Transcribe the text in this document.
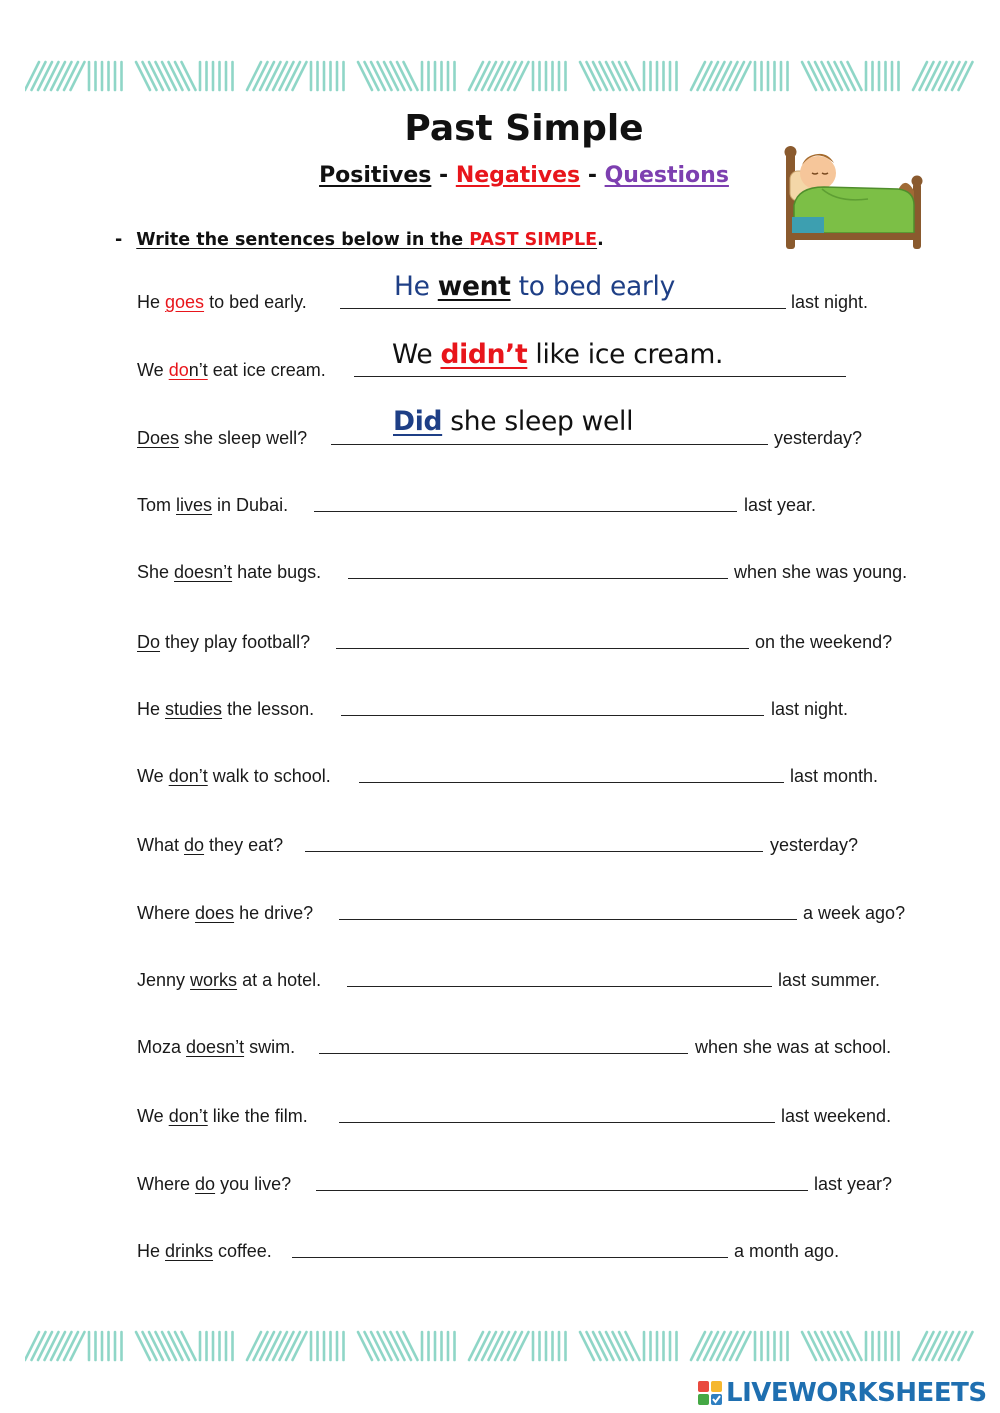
Past Simple
Positives - Negatives - Questions
- Write the sentences below in the PAST SIMPLE.
He goes to bed early.	last night.
He went to bed early
We don’t eat ice cream. We didn’t like ice cream.
Does she sleep well?	yesterday?
Did she sleep well
Tom lives in Dubai.	last year.
She doesn’t hate bugs.	when she was young.
Do they play football?	on the weekend?
He studies the lesson.	last night.
We don’t walk to school.	last month.
What do they eat?	yesterday?
Where does he drive?	a week ago?
Jenny works at a hotel.	last summer.
Moza doesn’t swim.	when she was at school.
We don’t like the film.	last weekend.
Where do you live?	last year?
He drinks coffee.	a month ago.
LIVEWORKSHEETS
